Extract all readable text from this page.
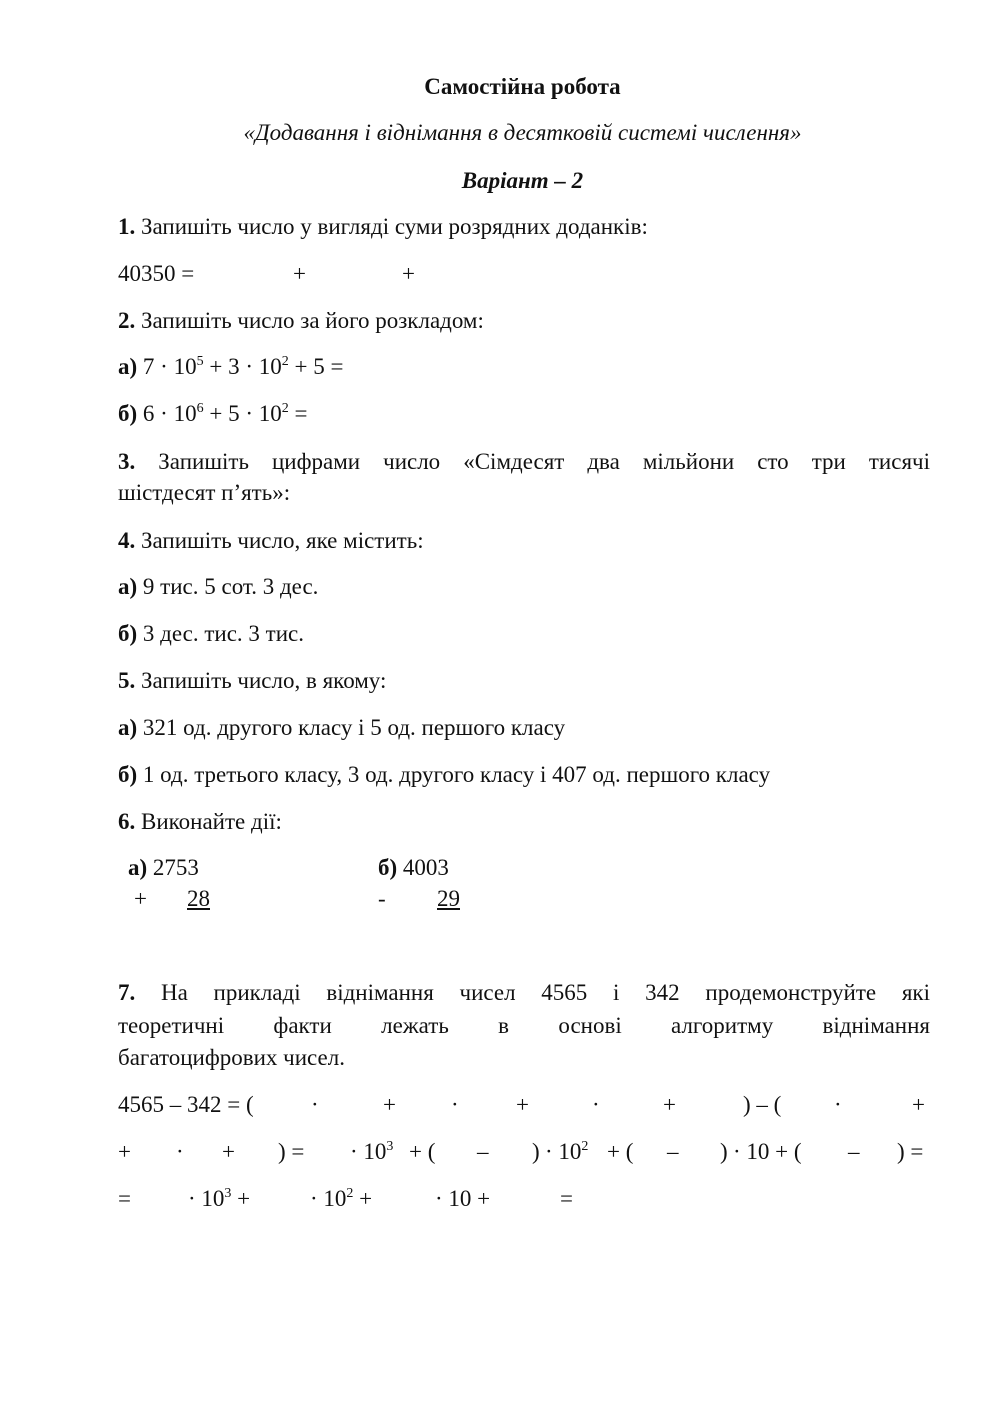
Самостійна робота
«Додавання і віднімання в десятковій системі числення»
Варіант – 2
1. Запишіть число у вигляді суми розрядних доданків:
40350 =	+	+
2. Запишіть число за його розкладом:
а) $7 \cdot 10^5 + 3 \cdot 10^2 + 5$ =
б) $6 \cdot 10^6 + 5 \cdot 10^2$ =
3. Запишіть цифрами число «Сімдесят два мільйони сто три тисячі
шістдесят п’ять»:
4. Запишіть число, яке містить:
а) 9 тис. 5 сот. 3 дес.
б) 3 дес. тис. 3 тис.
5. Запишіть число, в якому:
а) 321 од. другого класу і 5 од. першого класу
б) 1 од. третього класу, 3 од. другого класу і 407 од. першого класу
6. Виконайте дії:
а) 2753
+	28
б) 4003
-	29
7. На прикладі віднімання чисел 4565 і 342 продемонструйте які
теоретичні факти лежать в основі алгоритму віднімання
багатоцифрових чисел.
4565 – 342 = ( ·	+ · +	·	+	) – ( ·	+
+ · + ) = · $10^3$ + ( – ) · $10^2$ + ( – ) · 10 + ( – ) =
= · $10^3$ +	· $10^2$ +	· 10 +	=
